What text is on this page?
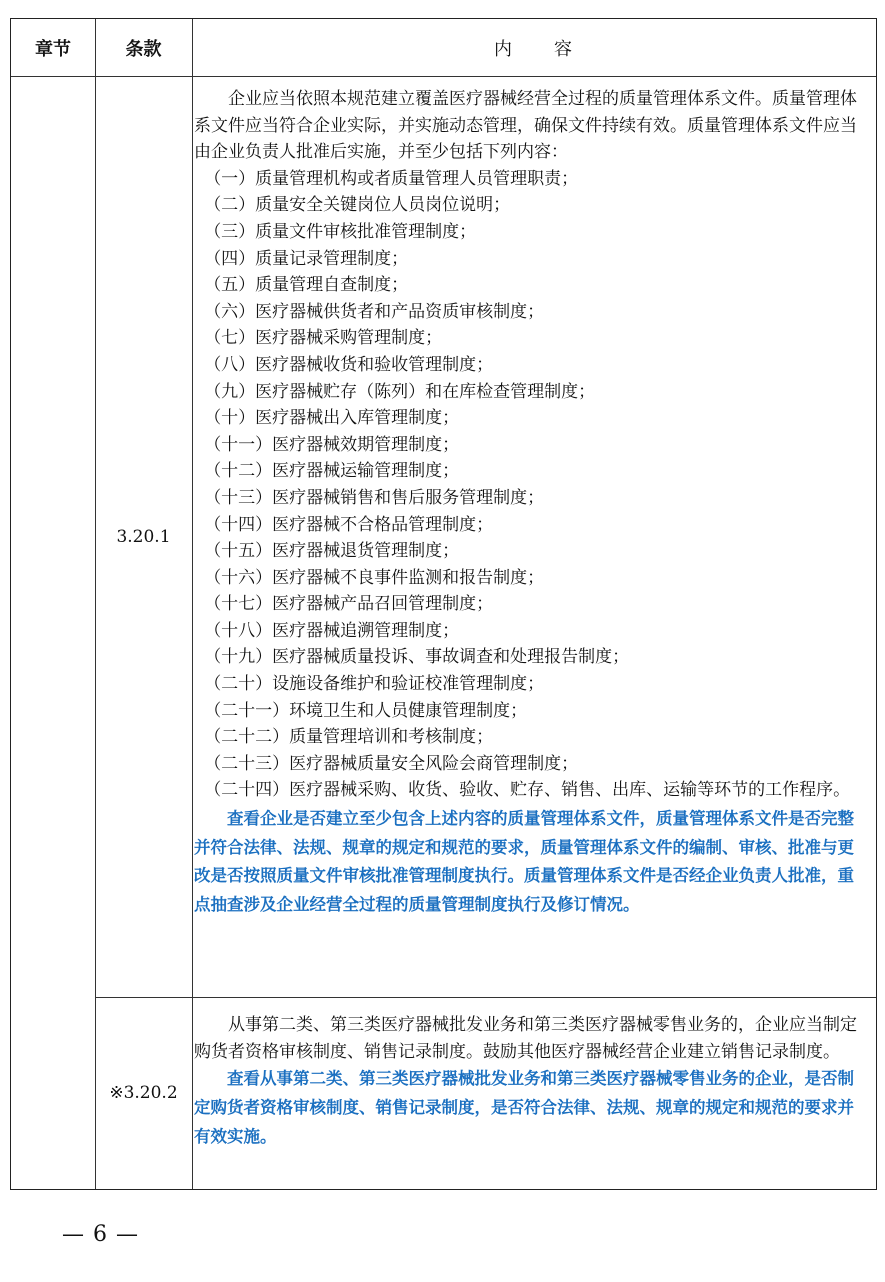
章节	条款	内　　容
3.20.1

企业应当依照本规范建立覆盖医疗器械经营全过程的质量管理体系文件。质量管理体系文件应当符合企业实际，并实施动态管理，确保文件持续有效。质量管理体系文件应当由企业负责人批准后实施，并至少包括下列内容：

（一）质量管理机构或者质量管理人员管理职责；

（二）质量安全关键岗位人员岗位说明；

（三）质量文件审核批准管理制度；

（四）质量记录管理制度；

（五）质量管理自查制度；

（六）医疗器械供货者和产品资质审核制度；

（七）医疗器械采购管理制度；

（八）医疗器械收货和验收管理制度；

（九）医疗器械贮存（陈列）和在库检查管理制度；

（十）医疗器械出入库管理制度；

（十一）医疗器械效期管理制度；

（十二）医疗器械运输管理制度；

（十三）医疗器械销售和售后服务管理制度；

（十四）医疗器械不合格品管理制度；

（十五）医疗器械退货管理制度；

（十六）医疗器械不良事件监测和报告制度；

（十七）医疗器械产品召回管理制度；

（十八）医疗器械追溯管理制度；

（十九）医疗器械质量投诉、事故调查和处理报告制度；

（二十）设施设备维护和验证校准管理制度；

（二十一）环境卫生和人员健康管理制度；

（二十二）质量管理培训和考核制度；

（二十三）医疗器械质量安全风险会商管理制度；

（二十四）医疗器械采购、收货、验收、贮存、销售、出库、运输等环节的工作程序。

查看企业是否建立至少包含上述内容的质量管理体系文件，质量管理体系文件是否完整并符合法律、法规、规章的规定和规范的要求，质量管理体系文件的编制、审核、批准与更改是否按照质量文件审核批准管理制度执行。质量管理体系文件是否经企业负责人批准，重点抽查涉及企业经营全过程的质量管理制度执行及修订情况。

※3.20.2

从事第二类、第三类医疗器械批发业务和第三类医疗器械零售业务的，企业应当制定购货者资格审核制度、销售记录制度。鼓励其他医疗器械经营企业建立销售记录制度。

查看从事第二类、第三类医疗器械批发业务和第三类医疗器械零售业务的企业，是否制定购货者资格审核制度、销售记录制度，是否符合法律、法规、规章的规定和规范的要求并有效实施。

— 6 —
